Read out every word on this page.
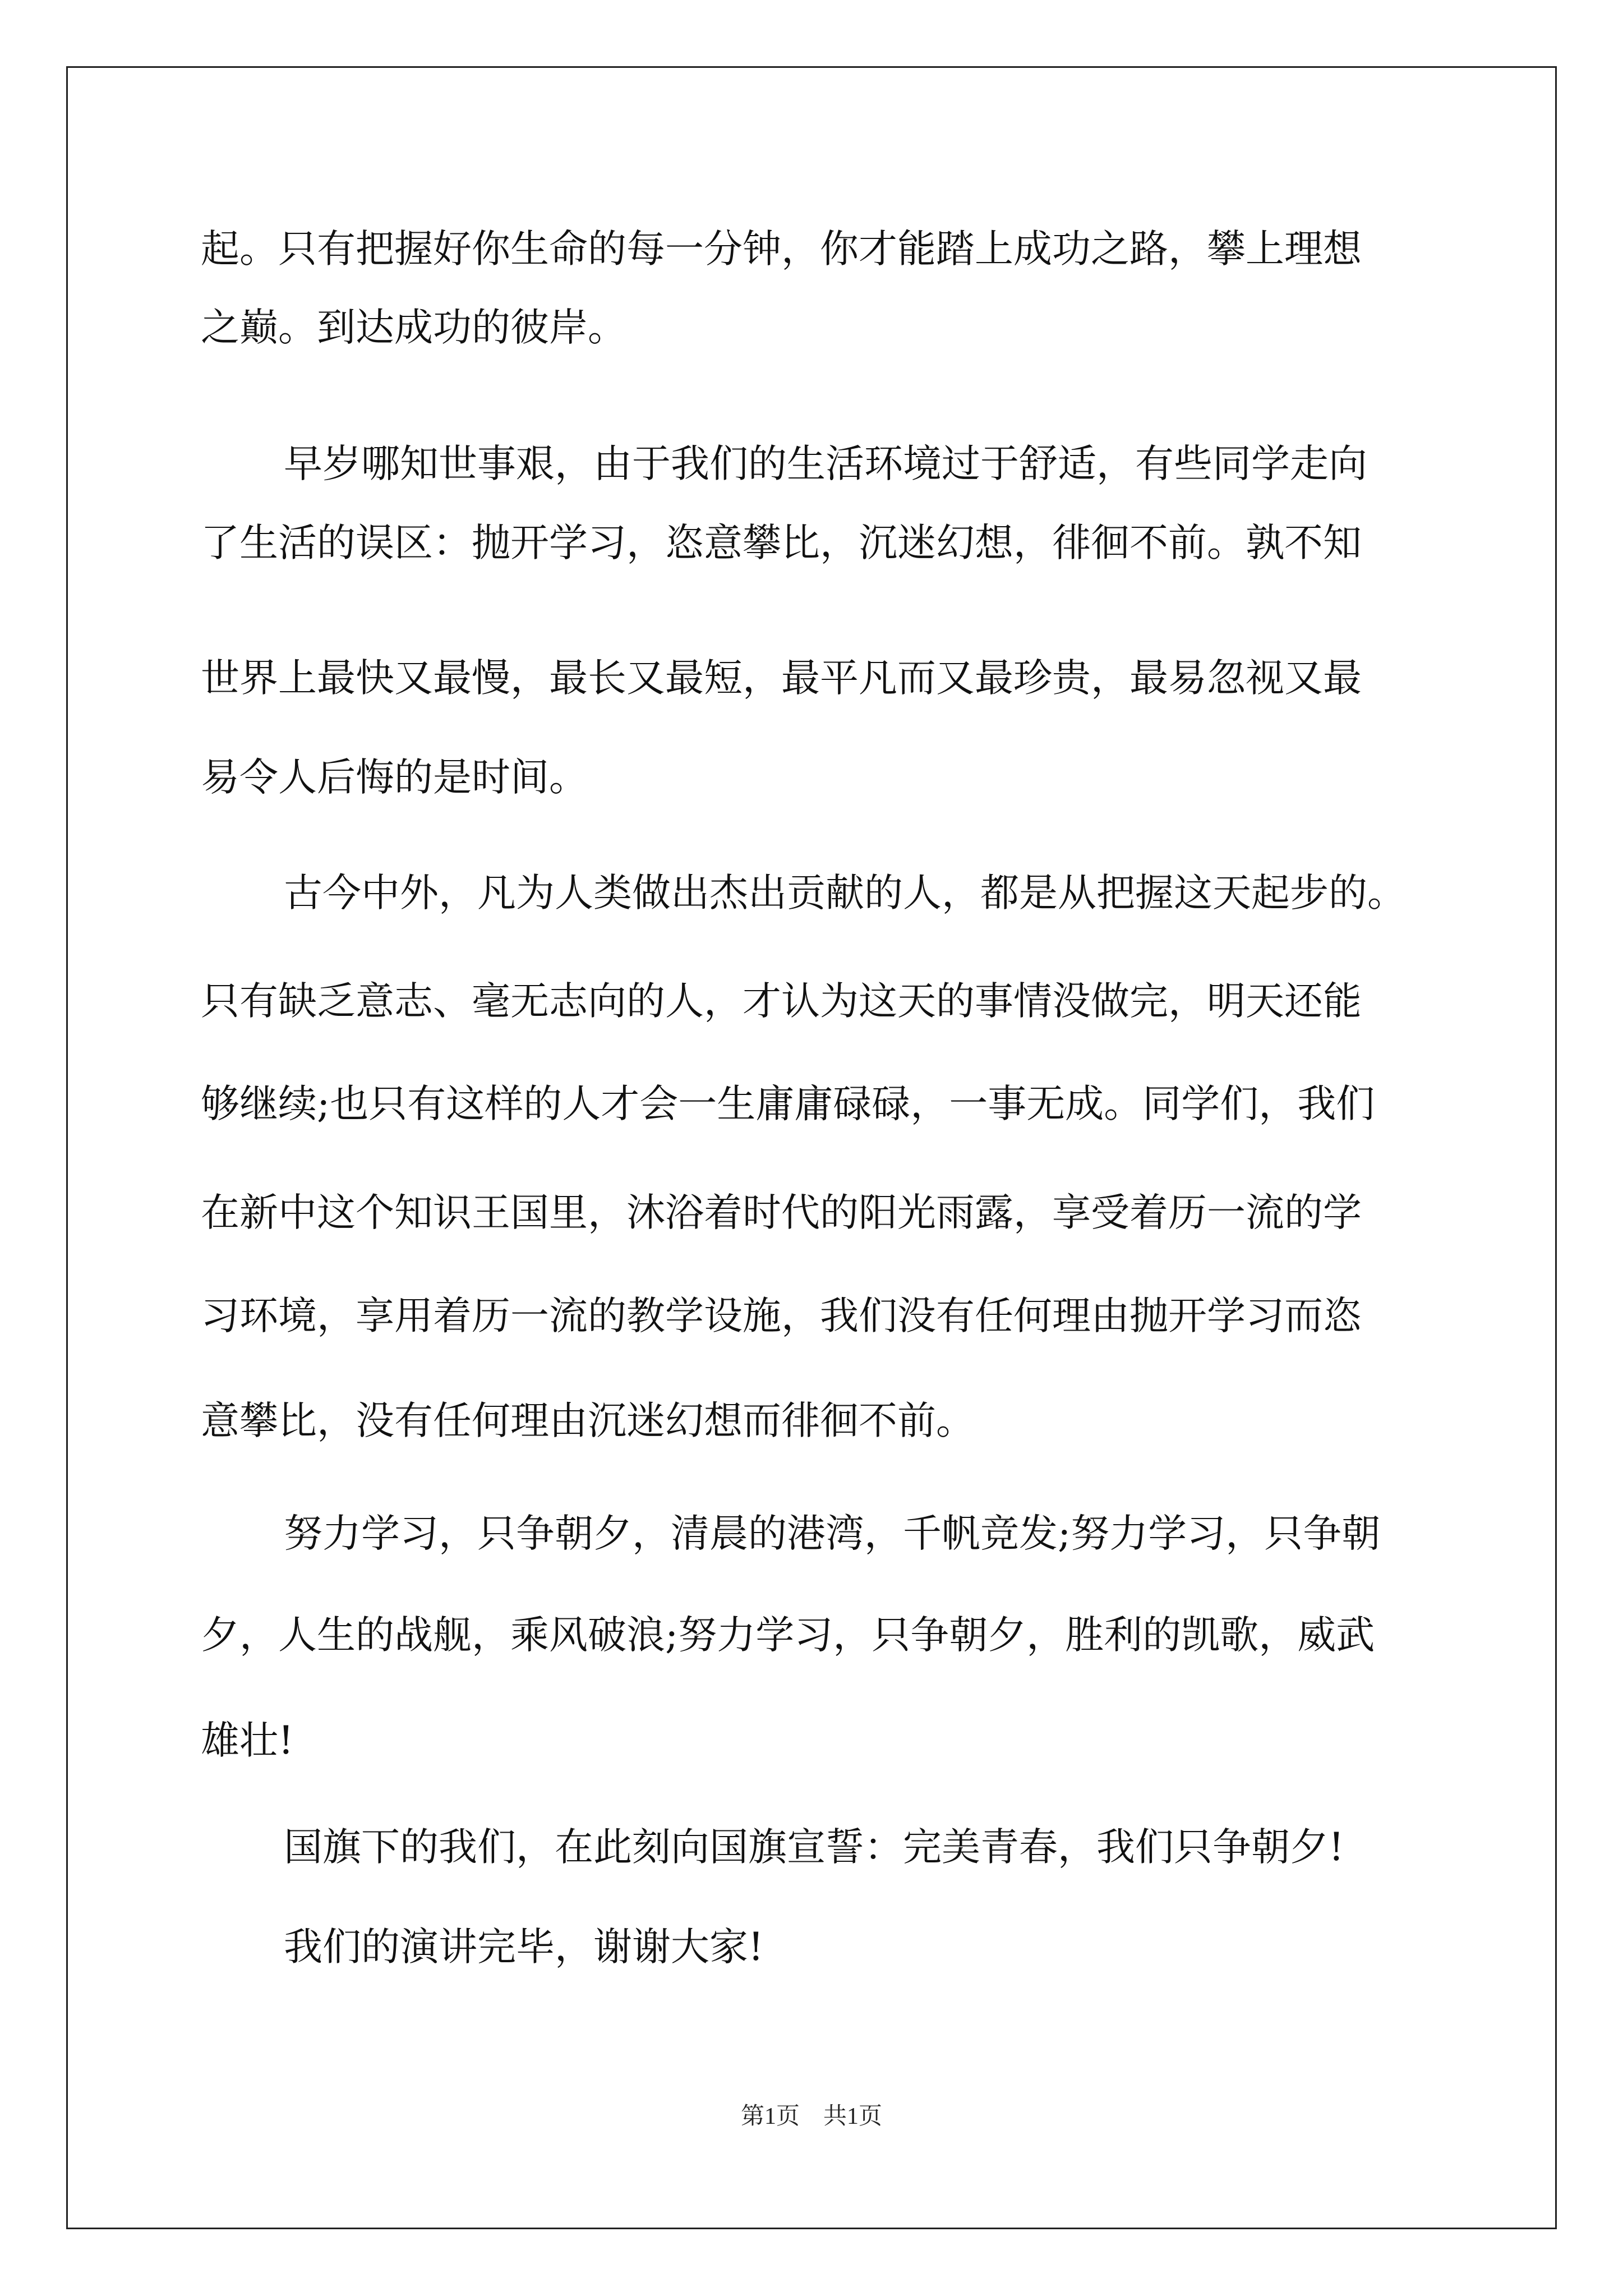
起。只有把握好你生命的每一分钟，你才能踏上成功之路，攀上理想
之巅。到达成功的彼岸。
早岁哪知世事艰，由于我们的生活环境过于舒适，有些同学走向
了生活的误区：抛开学习，恣意攀比，沉迷幻想，徘徊不前。孰不知
世界上最快又最慢，最长又最短，最平凡而又最珍贵，最易忽视又最
易令人后悔的是时间。
古今中外，凡为人类做出杰出贡献的人，都是从把握这天起步的。
只有缺乏意志、毫无志向的人，才认为这天的事情没做完，明天还能
够继续;也只有这样的人才会一生庸庸碌碌，一事无成。同学们，我们
在新中这个知识王国里，沐浴着时代的阳光雨露，享受着历一流的学
习环境，享用着历一流的教学设施，我们没有任何理由抛开学习而恣
意攀比，没有任何理由沉迷幻想而徘徊不前。
努力学习，只争朝夕，清晨的港湾，千帆竞发;努力学习，只争朝
夕，人生的战舰，乘风破浪;努力学习，只争朝夕，胜利的凯歌，威武
雄壮!
国旗下的我们，在此刻向国旗宣誓：完美青春，我们只争朝夕!
我们的演讲完毕，谢谢大家!
第1页　共1页
